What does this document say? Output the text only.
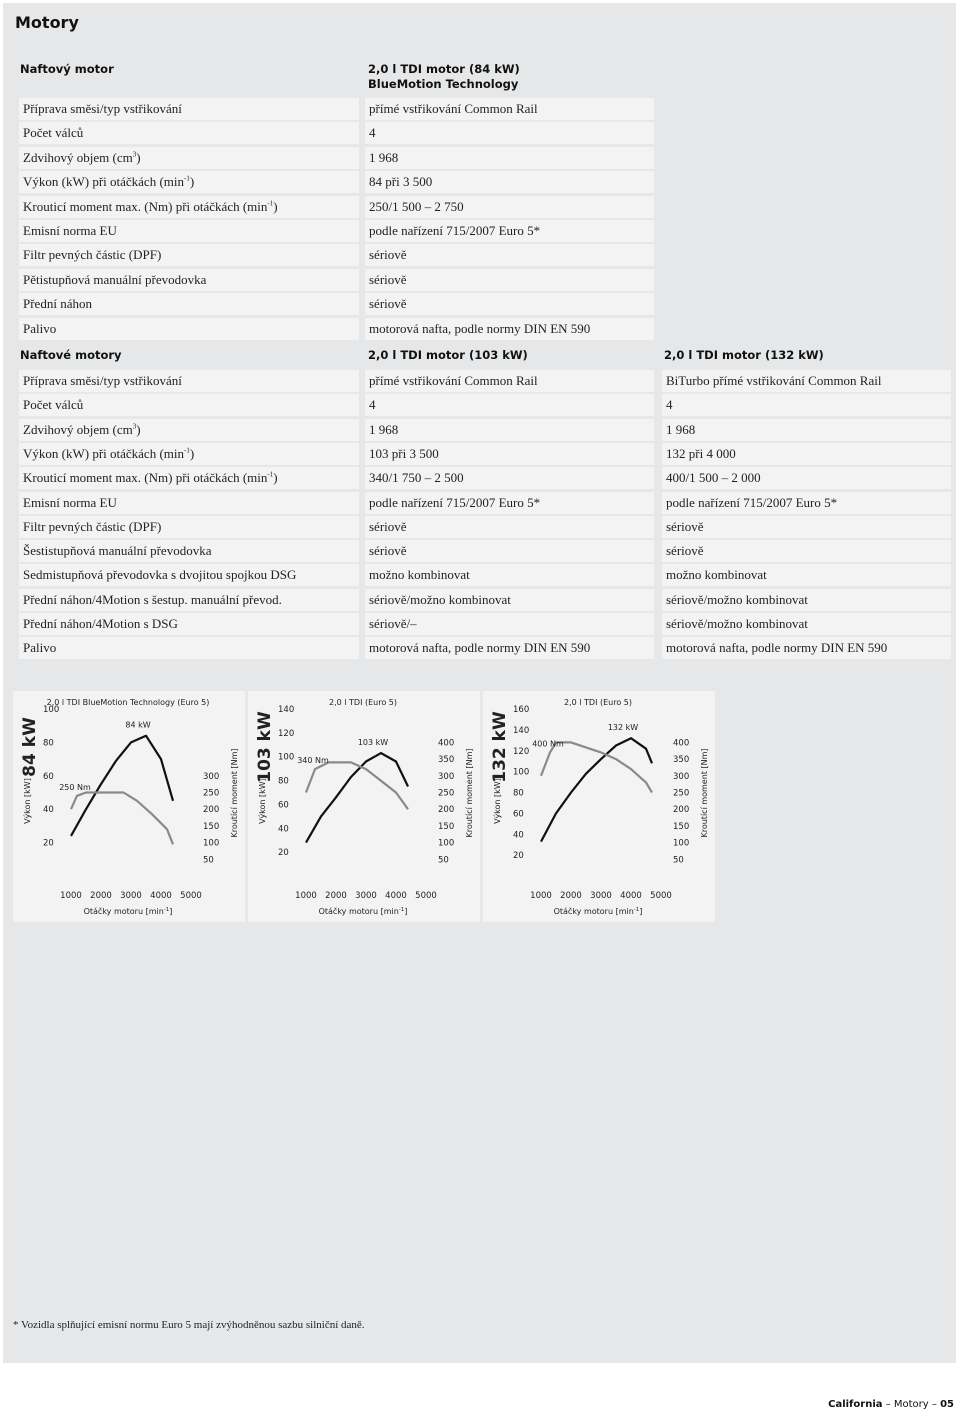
Motory
Naftový motor	2,0 l TDI motor (84 kW)
BlueMotion Technology
Příprava směsi/typ vstřikování	přímé vstřikování Common Rail
Počet válců	4
Zdvihový objem $(cm^3)$	1 968
Výkon (kW) při otáčkách $(\min^{-1})$	84 při 3 500
Krouticí moment max. (Nm) při otáčkách $(\min^{-1})$	250/1 500 – 2 750
Emisní norma EU	podle nařízení 715/2007 Euro 5*
Filtr pevných částic (DPF)	sériově
Pětistupňová manuální převodovka	sériově
Přední náhon	sériově
Palivo	motorová nafta, podle normy DIN EN 590
Naftové motory	2,0 l TDI motor (103 kW)	2,0 l TDI motor (132 kW)
Příprava směsi/typ vstřikování	přímé vstřikování Common Rail	BiTurbo přímé vstřikování Common Rail
Počet válců	4	4
Zdvihový objem $(cm^3)$	1 968	1 968
Výkon (kW) při otáčkách $(\min^{-1})$	103 při 3 500	132 při 4 000
Krouticí moment max. (Nm) při otáčkách $(\min^{-1})$	340/1 750 – 2 500	400/1 500 – 2 000
Emisní norma EU	podle nařízení 715/2007 Euro 5*	podle nařízení 715/2007 Euro 5*
Filtr pevných částic (DPF)	sériově	sériově
Šestistupňová manuální převodovka	sériově	sériově
Sedmistupňová převodovka s dvojitou spojkou DSG	možno kombinovat	možno kombinovat
Přední náhon/4Motion s šestup. manuální převod.	sériově/možno kombinovat	sériově/možno kombinovat
Přední náhon/4Motion s DSG	sériově/–	sériově/možno kombinovat
Palivo	motorová nafta, podle normy DIN EN 590	motorová nafta, podle normy DIN EN 590
84 kW
Výkon [kW]	Kroutící moment [Nm]
2,0 l TDI BlueMotion Technology (Euro 5)
20
40
60
80
100
50
100
150
200
250
300
1000 2000 3000 4000 5000
Otáčky motoru $[\min^{-1}]$
84 kW
250 Nm
103 kW
Výkon [kW]	Kroutící moment [Nm]
2,0 l TDI (Euro 5)
20
40
60
80
100
120
140
50
100
150
200
250
300
350
400
1000 2000 3000 4000 5000
Otáčky motoru $[\min^{-1}]$
103 kW
340 Nm	132 kW
Výkon [kW]	Kroutící moment [Nm]
2,0 l TDI (Euro 5)
20
40
60
80
100
120
140
160
50
100
150
200
250
300
350
400
1000 2000 3000 4000 5000
Otáčky motoru $[\min^{-1}]$
132 kW
400 Nm
* Vozidla splňující emisní normu Euro 5 mají zvýhodněnou sazbu silniční daně.
California – Motory – 05
